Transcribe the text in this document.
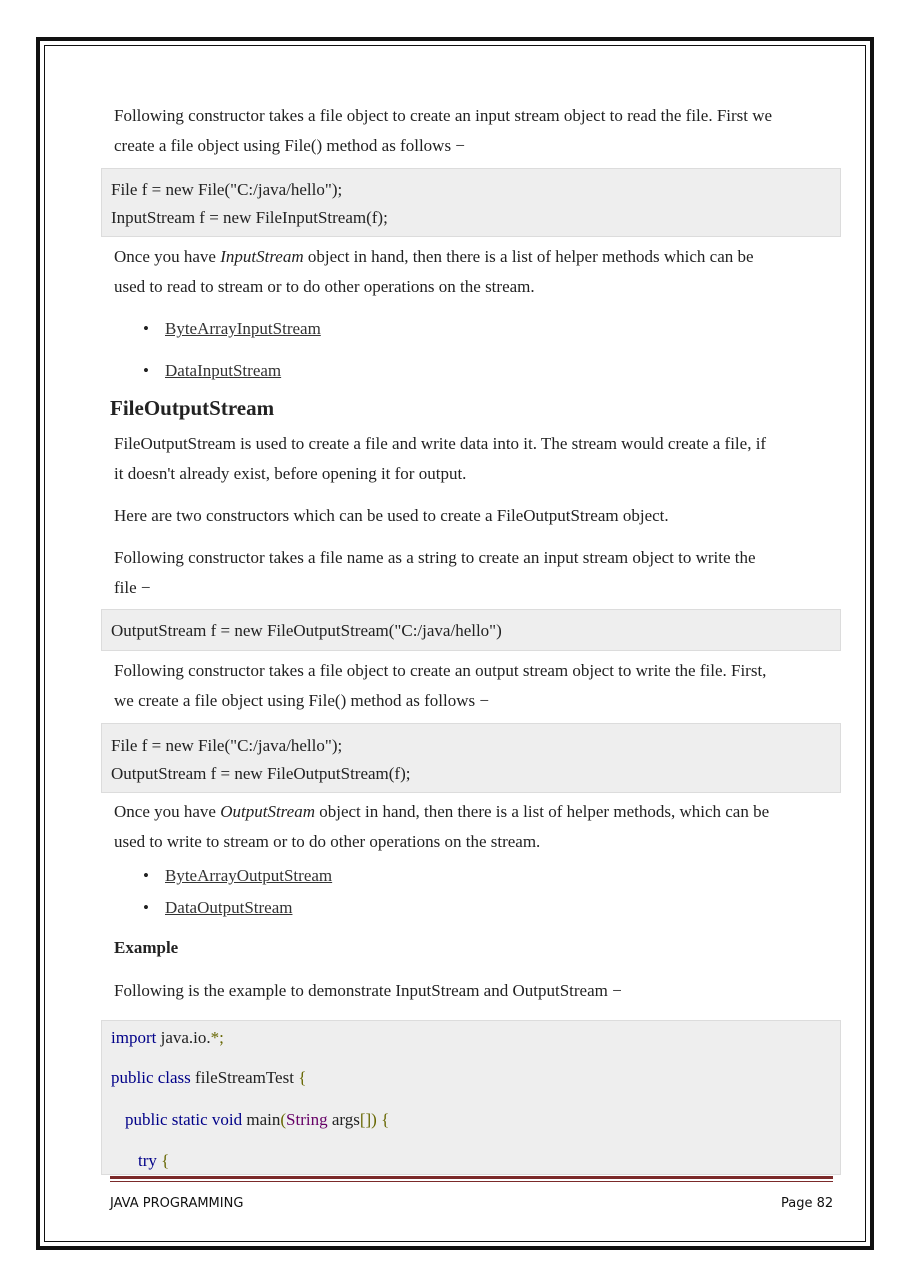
Following constructor takes a file object to create an input stream object to read the file. First we
create a file object using File() method as follows −
File f = new File("C:/java/hello");
InputStream f = new FileInputStream(f);
Once you have InputStream object in hand, then there is a list of helper methods which can be
used to read to stream or to do other operations on the stream.
• ByteArrayInputStream
• DataInputStream
FileOutputStream
FileOutputStream is used to create a file and write data into it. The stream would create a file, if
it doesn't already exist, before opening it for output.
Here are two constructors which can be used to create a FileOutputStream object.
Following constructor takes a file name as a string to create an input stream object to write the
file −
OutputStream f = new FileOutputStream("C:/java/hello")
Following constructor takes a file object to create an output stream object to write the file. First,
we create a file object using File() method as follows −
File f = new File("C:/java/hello");
OutputStream f = new FileOutputStream(f);
Once you have OutputStream object in hand, then there is a list of helper methods, which can be
used to write to stream or to do other operations on the stream.
• ByteArrayOutputStream
• DataOutputStream
Example
Following is the example to demonstrate InputStream and OutputStream −
import java.io.*;
public class fileStreamTest {
public static void main(String args[]) {
try {
JAVA PROGRAMMING	Page 82
